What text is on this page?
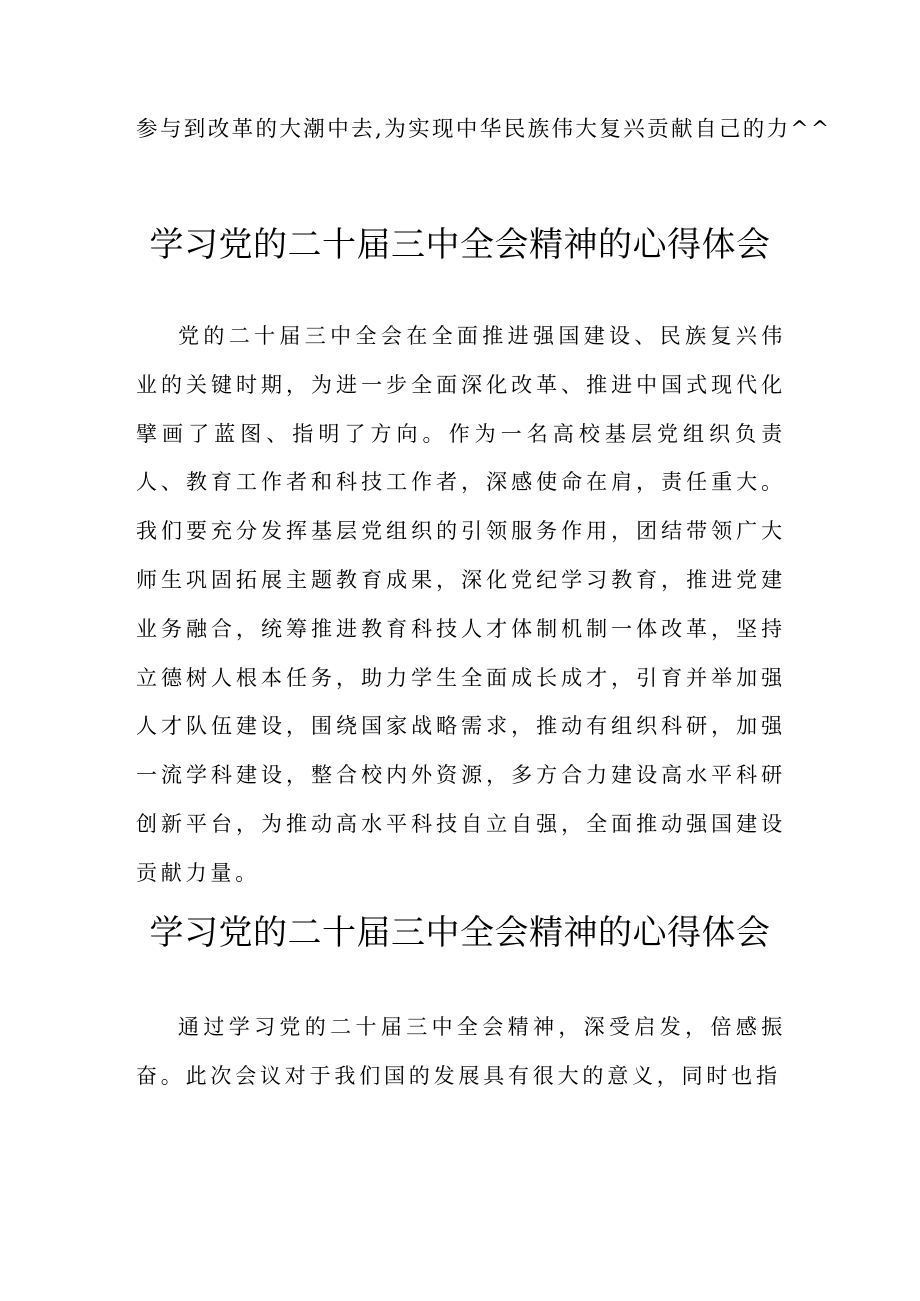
参与到改革的大潮中去,为实现中华民族伟大复兴贡献自己的力^^
学习党的二十届三中全会精神的心得体会

党的二十届三中全会在全面推进强国建设、民族复兴伟业的关键时期，为进一步全面深化改革、推进中国式现代化擘画了蓝图、指明了方向。作为一名高校基层党组织负责人、教育工作者和科技工作者，深感使命在肩，责任重大。我们要充分发挥基层党组织的引领服务作用，团结带领广大师生巩固拓展主题教育成果，深化党纪学习教育，推进党建业务融合，统筹推进教育科技人才体制机制一体改革，坚持立德树人根本任务，助力学生全面成长成才，引育并举加强人才队伍建设，围绕国家战略需求，推动有组织科研，加强一流学科建设，整合校内外资源，多方合力建设高水平科研创新平台，为推动高水平科技自立自强，全面推动强国建设贡献力量。

学习党的二十届三中全会精神的心得体会

通过学习党的二十届三中全会精神，深受启发，倍感振奋。此次会议对于我们国的发展具有很大的意义，同时也指
